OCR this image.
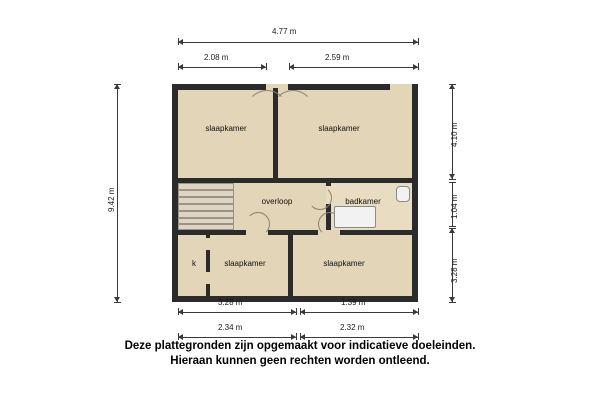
4.77 m
2.08 m	2.59 m
9.42 m
4.10 m
1.04 m
3.28 m
slaapkamer	slaapkamer
overloop	badkamer
k	slaapkamer	slaapkamer
3.28 m	1.39 m
2.34 m	2.32 m
Deze plattegronden zijn opgemaakt voor indicatieve doeleinden.
Hieraan kunnen geen rechten worden ontleend.
